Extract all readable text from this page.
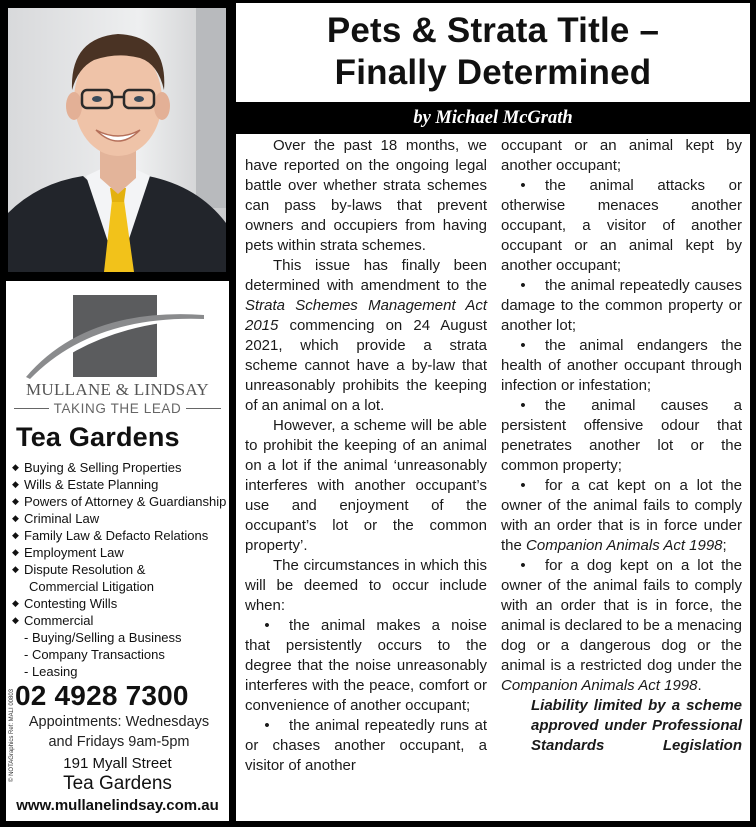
MULLANE & LINDSAY
TAKING THE LEAD
Tea Gardens
◆ Buying & Selling Properties
◆ Wills & Estate Planning
◆ Powers of Attorney & Guardianship
◆ Criminal Law
◆ Family Law & Defacto Relations
◆ Employment Law
◆ Dispute Resolution &
Commercial Litigation
◆ Contesting Wills
◆ Commercial
- Buying/Selling a Business
- Company Transactions
- Leasing
© NOTAGraphics Ref: MALI 00803 02 4928 7300
Appointments: Wednesdays
and Fridays 9am-5pm
191 Myall Street
Tea Gardens
www.mullanelindsay.com.au
Pets & Strata Title –
Finally Determined
by Michael McGrath

Over the past 18 months, we have reported on the ongoing legal battle over whether strata schemes can pass by-laws that prevent owners and occupiers from having pets within strata schemes.

This issue has finally been determined with amendment to the Strata Schemes Management Act 2015 commencing on 24 August 2021, which provide a strata scheme cannot have a by-law that unreasonably prohibits the keeping of an animal on a lot.

However, a scheme will be able to prohibit the keeping of an animal on a lot if the animal ‘unreasonably interferes with another occupant’s use and enjoyment of the occupant’s lot or the common property’.

The circumstances in which this will be deemed to occur include when:

• the animal makes a noise that persistently occurs to the degree that the noise unreasonably interferes with the peace, comfort or convenience of another occupant;

• the animal repeatedly runs at or chases another occupant, a visitor of another

occupant or an animal kept by another occupant;

• the animal attacks or otherwise menaces another occupant, a visitor of another occupant or an animal kept by another occupant;

• the animal repeatedly causes damage to the common property or another lot;

• the animal endangers the health of another occupant through infection or infestation;

• the animal causes a persistent offensive odour that penetrates another lot or the common property;

• for a cat kept on a lot the owner of the animal fails to comply with an order that is in force under the Companion Animals Act 1998;

• for a dog kept on a lot the owner of the animal fails to comply with an order that is in force, the animal is declared to be a menacing dog or a dangerous dog or the animal is a restricted dog under the Companion Animals Act 1998.

Liability limited by a scheme approved under Professional Standards Legislation
